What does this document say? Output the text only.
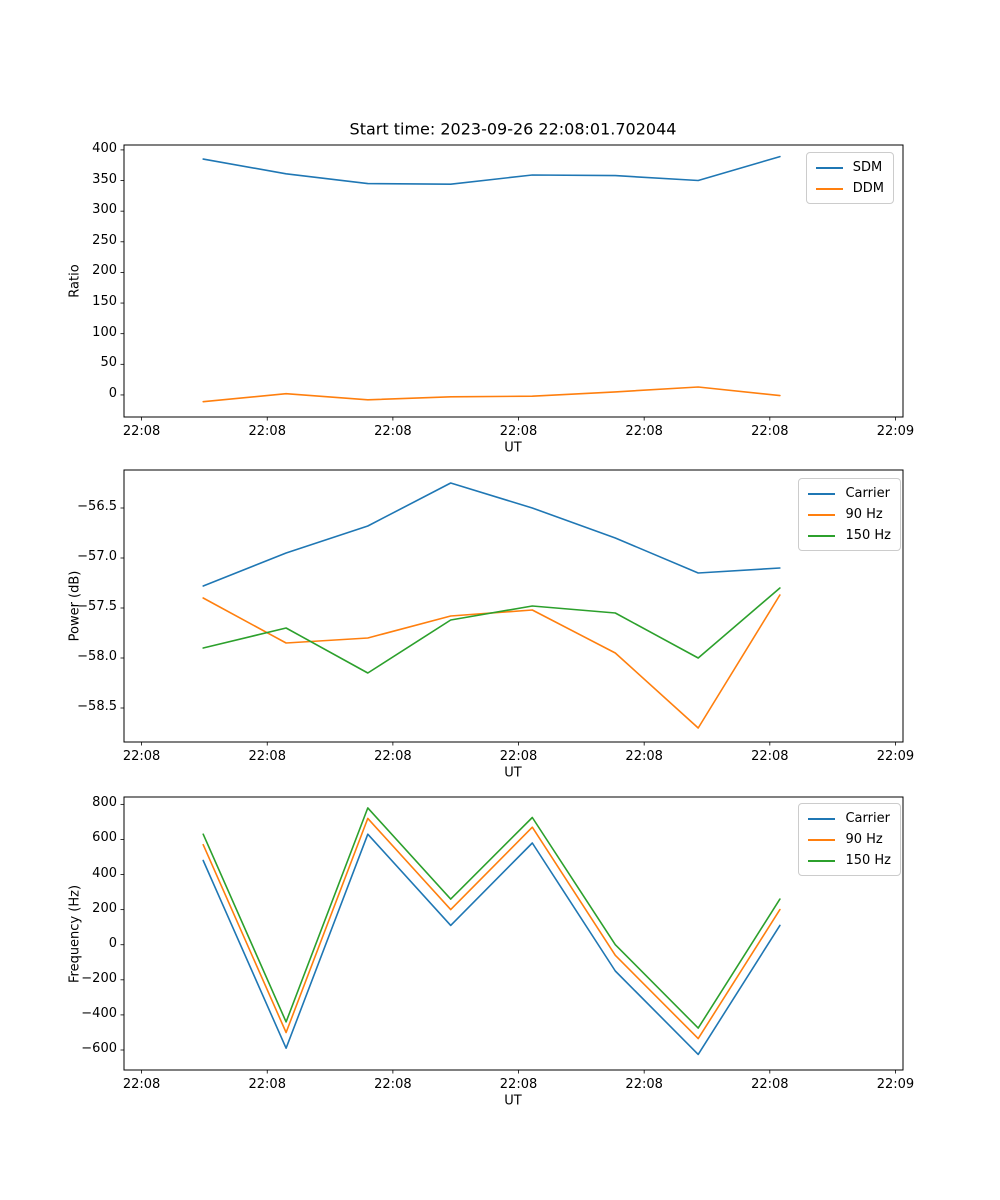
Start time: 2023-09-26 22:08:01.702044
Ratio
Power (dB)
Frequency (Hz)
UT
UT
UT
22:08	22:08	22:08	22:08	22:08	22:08	22:09
0
50
100
150
200
250
300
350
400
SDM
DDM
22:08	22:08	22:08	22:08	22:08	22:08	22:09
−56.5
−57.0
−57.5
−58.0
−58.5
Carrier
90 Hz
150 Hz
22:08	22:08	22:08	22:08	22:08	22:08	22:09
800
600
400
200
0
−200
−400
−600
Carrier
90 Hz
150 Hz
